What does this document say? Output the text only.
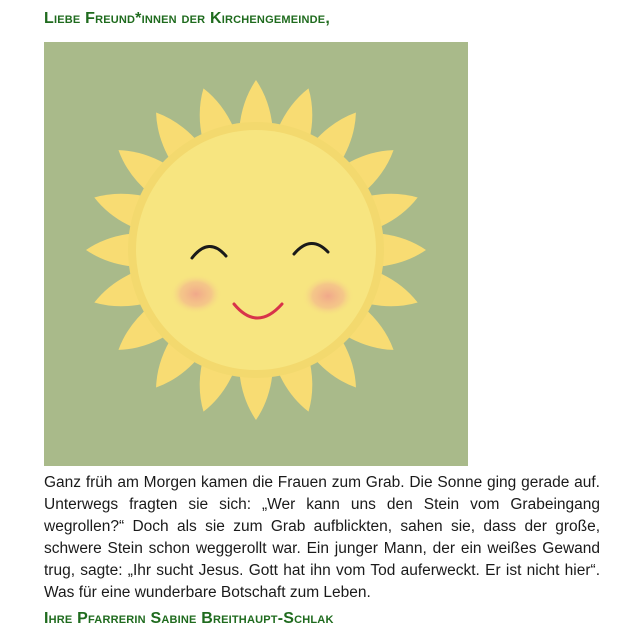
Liebe Freund*innen der Kirchengemeinde,

Ganz früh am Morgen kamen die Frauen zum Grab. Die Sonne ging gerade auf. Unterwegs fragten sie sich: „Wer kann uns den Stein vom Grabeingang wegrollen?“ Doch als sie zum Grab aufblickten, sahen sie, dass der große, schwere Stein schon weggerollt war. Ein junger Mann, der ein weißes Gewand trug, sagte: „Ihr sucht Jesus. Gott hat ihn vom Tod auferweckt. Er ist nicht hier“. Was für eine wunderbare Botschaft zum Leben.

Ihre Pfarrerin Sabine Breithaupt-Schlak
